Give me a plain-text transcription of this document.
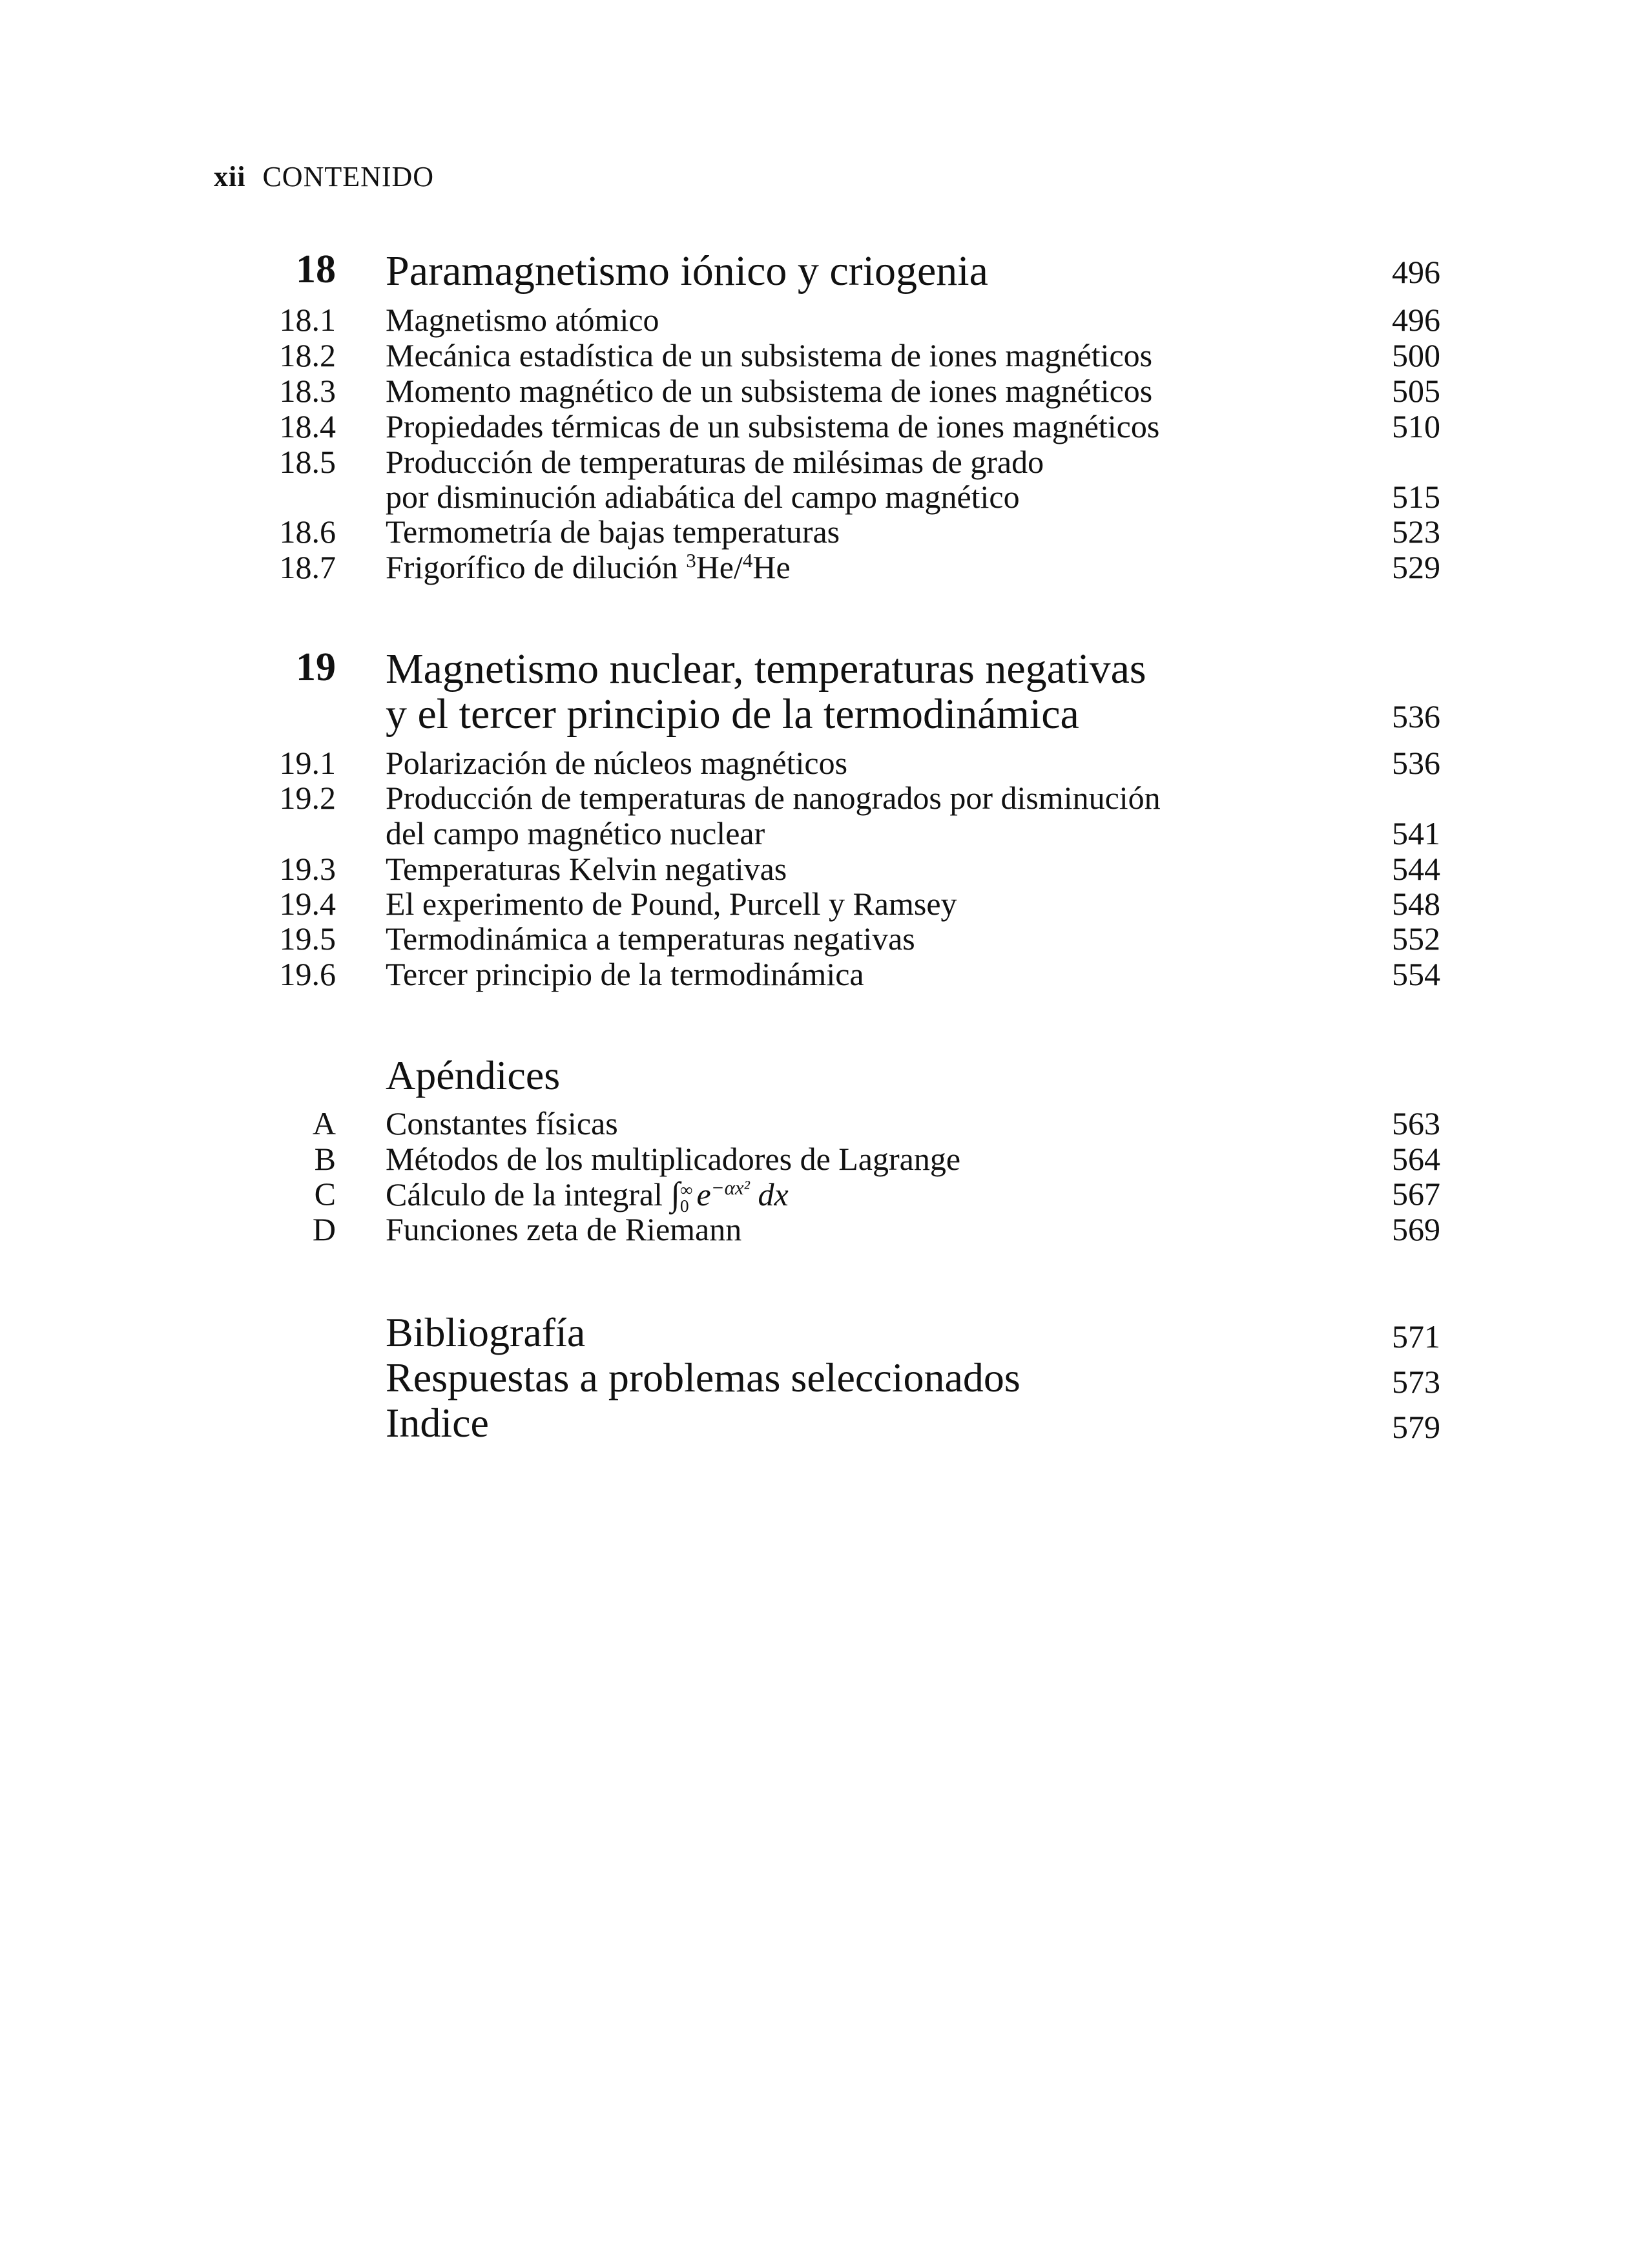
xii CONTENIDO
18 Paramagnetismo iónico y criogenia	496
18.1 Magnetismo atómico	496
18.2 Mecánica estadística de un subsistema de iones magnéticos	500
18.3 Momento magnético de un subsistema de iones magnéticos	505
18.4 Propiedades térmicas de un subsistema de iones magnéticos	510
18.5 Producción de temperaturas de milésimas de grado
por disminución adiabática del campo magnético	515
18.6 Termometría de bajas temperaturas	523
18.7 Frigorífico de dilución $^3$He/$^4$He	529
19 Magnetismo nuclear, temperaturas negativas
y el tercer principio de la termodinámica	536
19.1 Polarización de núcleos magnéticos	536
19.2 Producción de temperaturas de nanogrados por disminución
del campo magnético nuclear	541
19.3 Temperaturas Kelvin negativas	544
19.4 El experimento de Pound, Purcell y Ramsey	548
19.5 Termodinámica a temperaturas negativas	552
19.6 Tercer principio de la termodinámica	554
Apéndices
A Constantes físicas	563
B Métodos de los multiplicadores de Lagrange	564
C Cálculo de la integral ∫ ∞
0 $e^{-\alpha x^2}$ dx	567
D Funciones zeta de Riemann	569
Bibliografía	571
Respuestas a problemas seleccionados	573
Indice	579
